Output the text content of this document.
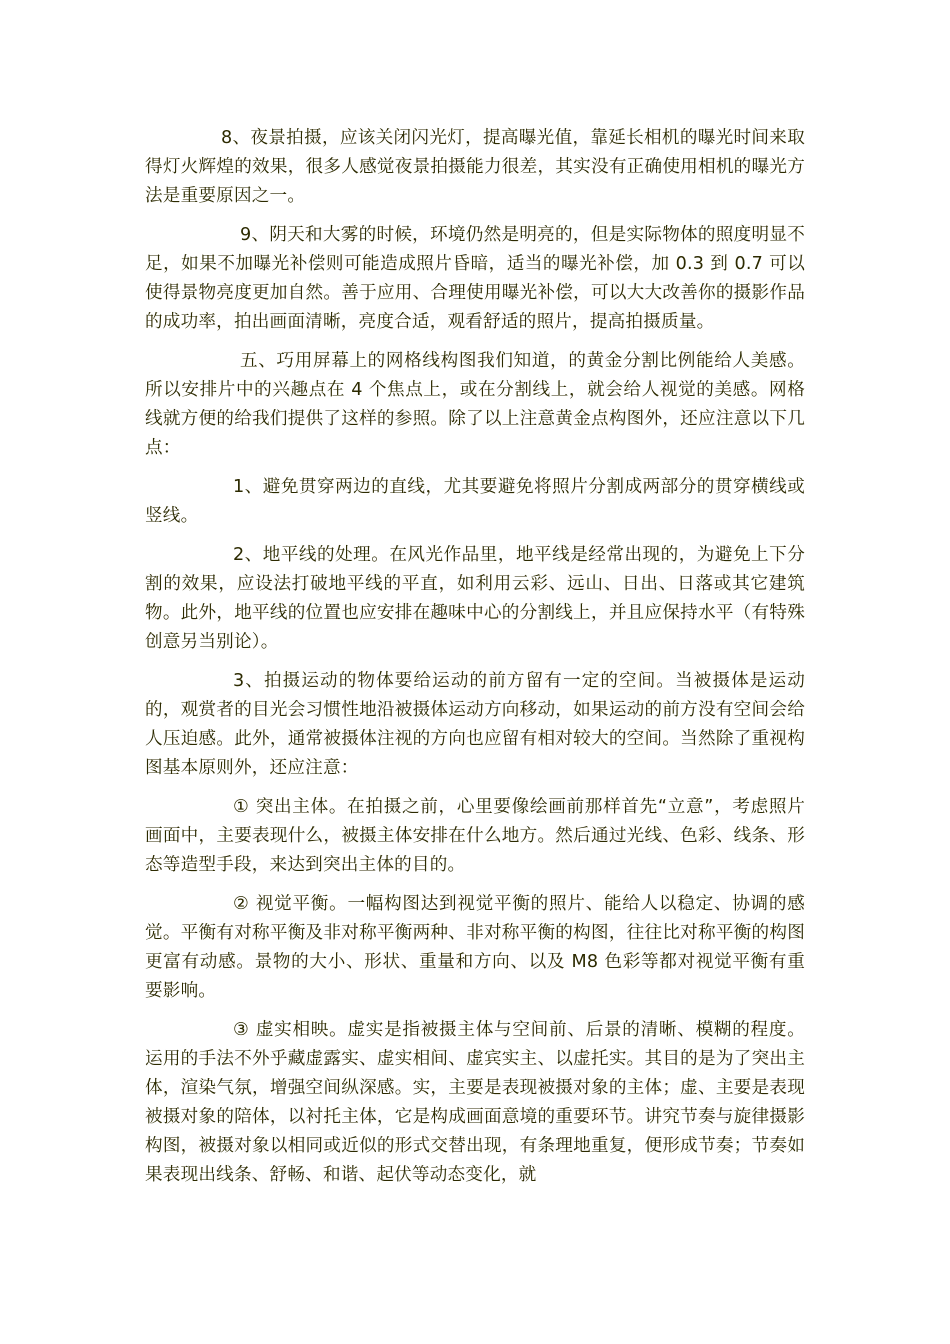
8、夜景拍摄，应该关闭闪光灯，提高曝光值，靠延长相机的曝光时间来取得灯火辉煌的效果，很多人感觉夜景拍摄能力很差，其实没有正确使用相机的曝光方法是重要原因之一。

9、阴天和大雾的时候，环境仍然是明亮的，但是实际物体的照度明显不足，如果不加曝光补偿则可能造成照片昏暗，适当的曝光补偿，加 0.3 到 0.7 可以使得景物亮度更加自然。善于应用、合理使用曝光补偿，可以大大改善你的摄影作品的成功率，拍出画面清晰，亮度合适，观看舒适的照片，提高拍摄质量。

五、巧用屏幕上的网格线构图我们知道，的黄金分割比例能给人美感。所以安排片中的兴趣点在 4 个焦点上，或在分割线上，就会给人视觉的美感。网格线就方便的给我们提供了这样的参照。除了以上注意黄金点构图外，还应注意以下几点：

1、避免贯穿两边的直线，尤其要避免将照片分割成两部分的贯穿横线或竖线。

2、地平线的处理。在风光作品里，地平线是经常出现的，为避免上下分割的效果，应设法打破地平线的平直，如利用云彩、远山、日出、日落或其它建筑物。此外，地平线的位置也应安排在趣味中心的分割线上，并且应保持水平（有特殊创意另当别论）。

3、拍摄运动的物体要给运动的前方留有一定的空间。当被摄体是运动的，观赏者的目光会习惯性地沿被摄体运动方向移动，如果运动的前方没有空间会给人压迫感。此外，通常被摄体注视的方向也应留有相对较大的空间。当然除了重视构图基本原则外，还应注意：

① 突出主体。在拍摄之前，心里要像绘画前那样首先“立意”，考虑照片画面中，主要表现什么，被摄主体安排在什么地方。然后通过光线、色彩、线条、形态等造型手段，来达到突出主体的目的。

② 视觉平衡。一幅构图达到视觉平衡的照片、能给人以稳定、协调的感觉。平衡有对称平衡及非对称平衡两种、非对称平衡的构图，往往比对称平衡的构图更富有动感。景物的大小、形状、重量和方向、以及 M8 色彩等都对视觉平衡有重要影响。

③ 虚实相映。虚实是指被摄主体与空间前、后景的清晰、模糊的程度。运用的手法不外乎藏虚露实、虚实相间、虚宾实主、以虚托实。其目的是为了突出主体，渲染气氛，增强空间纵深感。实，主要是表现被摄对象的主体；虚、主要是表现被摄对象的陪体，以衬托主体，它是构成画面意境的重要环节。讲究节奏与旋律摄影构图，被摄对象以相同或近似的形式交替出现，有条理地重复，便形成节奏；节奏如果表现出线条、舒畅、和谐、起伏等动态变化，就
